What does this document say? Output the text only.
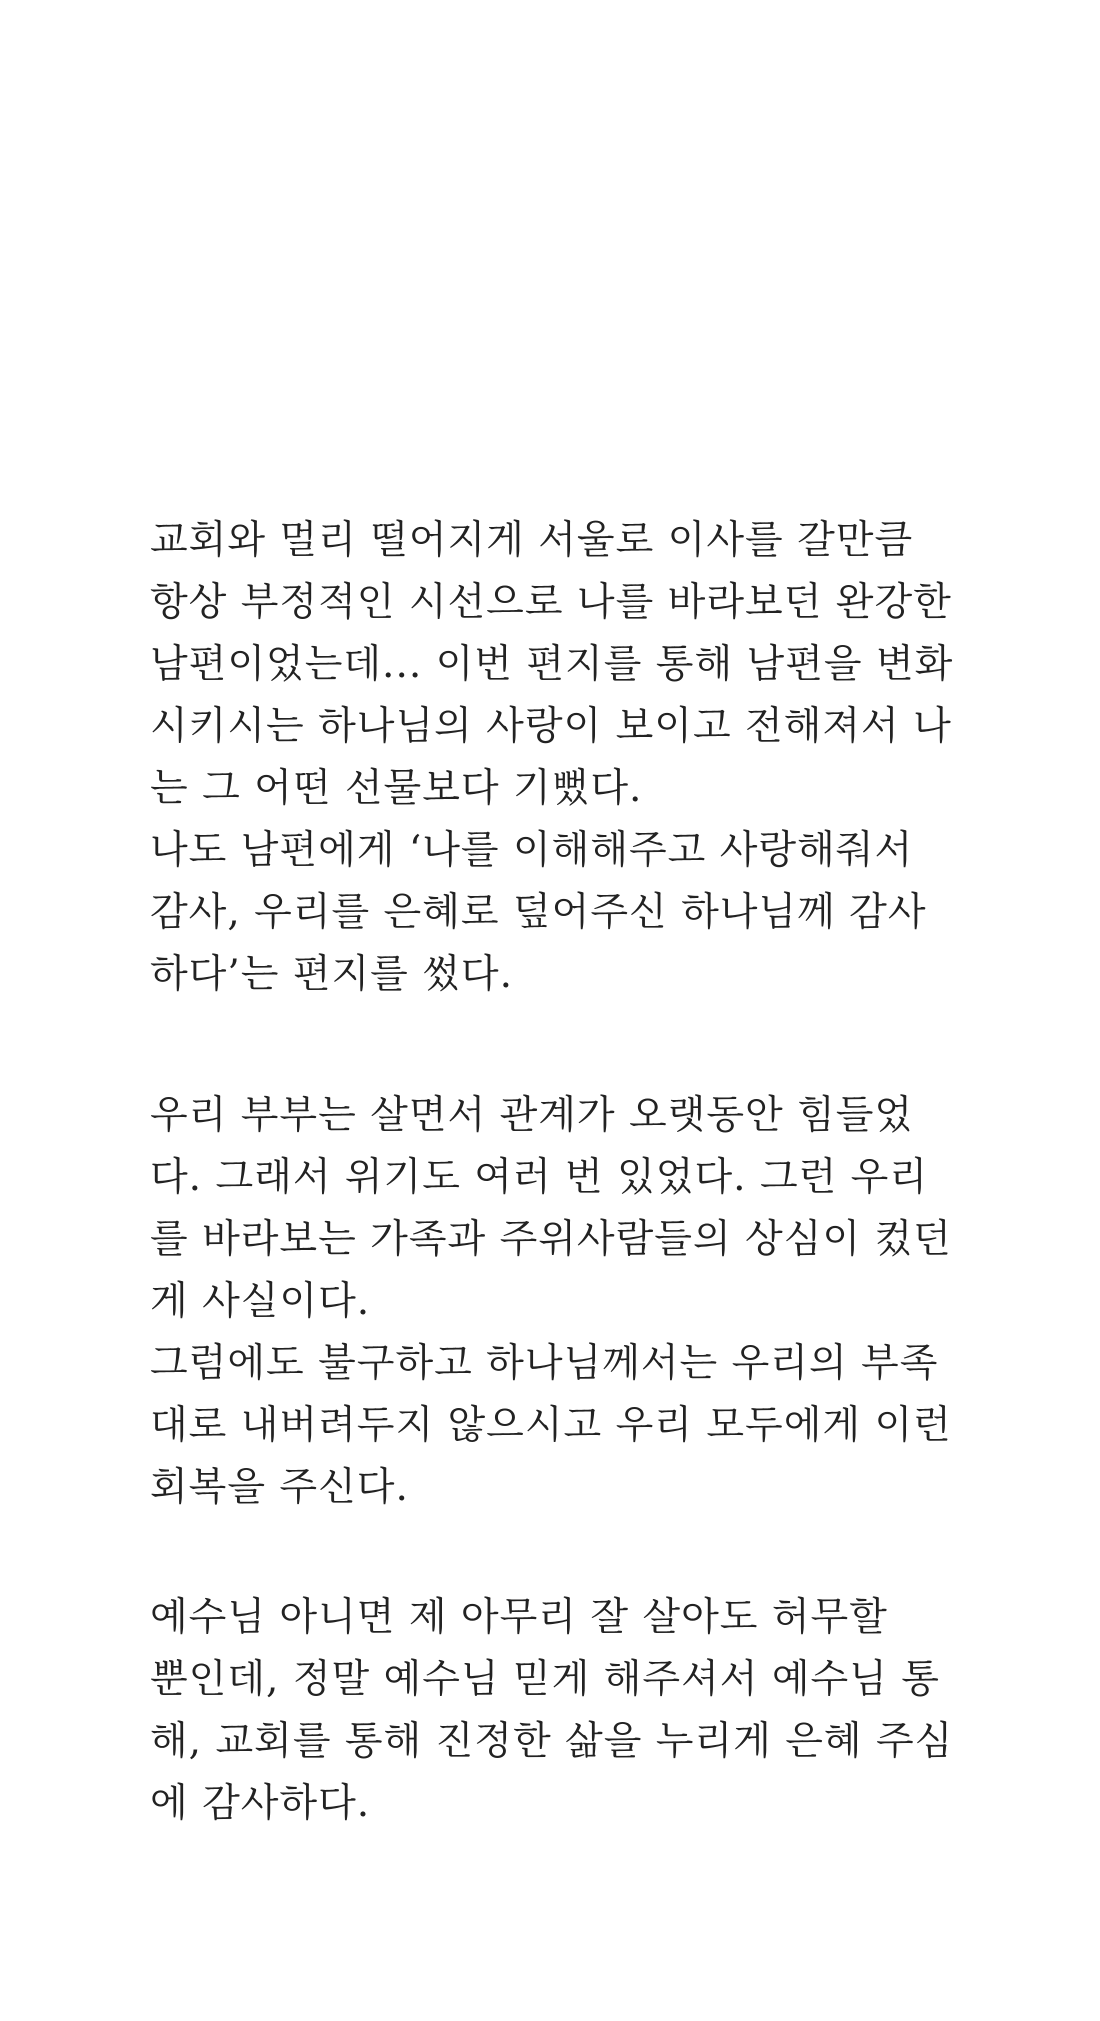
교회와 멀리 떨어지게 서울로 이사를 갈만큼
항상 부정적인 시선으로 나를 바라보던 완강한
남편이었는데... 이번 편지를 통해 남편을 변화
시키시는 하나님의 사랑이 보이고 전해져서 나
는 그 어떤 선물보다 기뻤다.
나도 남편에게 ‘나를 이해해주고 사랑해줘서
감사, 우리를 은혜로 덮어주신 하나님께 감사
하다’는 편지를 썼다.
우리 부부는 살면서 관계가 오랫동안 힘들었
다. 그래서 위기도 여러 번 있었다. 그런 우리
를 바라보는 가족과 주위사람들의 상심이 컸던
게 사실이다.
그럼에도 불구하고 하나님께서는 우리의 부족
대로 내버려두지 않으시고 우리 모두에게 이런
회복을 주신다.
예수님 아니면 제 아무리 잘 살아도 허무할
뿐인데, 정말 예수님 믿게 해주셔서 예수님 통
해, 교회를 통해 진정한 삶을 누리게 은혜 주심
에 감사하다.
